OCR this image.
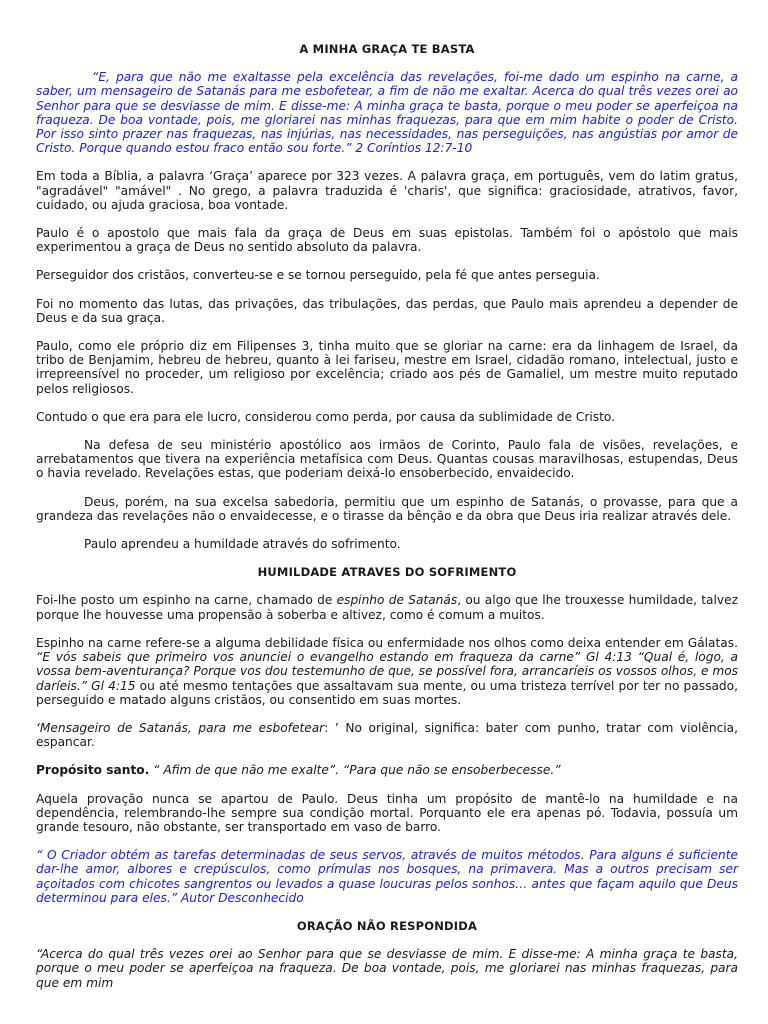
A MINHA GRAÇA TE BASTA

“E, para que não me exaltasse pela excelência das revelações, foi-me dado um espinho na carne, a saber, um mensageiro de Satanás para me esbofetear, a fim de não me exaltar. Acerca do qual três vezes orei ao Senhor para que se desviasse de mim. E disse-me: A minha graça te basta, porque o meu poder se aperfeiçoa na fraqueza. De boa vontade, pois, me gloriarei nas minhas fraquezas, para que em mim habite o poder de Cristo. Por isso sinto prazer nas fraquezas, nas injúrias, nas necessidades, nas perseguições, nas angústias por amor de Cristo. Porque quando estou fraco então sou forte.” 2 Coríntios 12:7-10

Em toda a Bíblia, a palavra ‘Graça’ aparece por 323 vezes. A palavra graça, em português, vem do latim gratus, "agradável" "amável" . No grego, a palavra traduzida é 'charis', que significa: graciosidade, atrativos, favor, cuidado, ou ajuda graciosa, boa vontade.

Paulo é o apostolo que mais fala da graça de Deus em suas epistolas. Também foi o apóstolo que mais experimentou a graça de Deus no sentido absoluto da palavra.

Perseguidor dos cristãos, converteu-se e se tornou perseguido, pela fé que antes perseguia.

Foi no momento das lutas, das privações, das tribulações, das perdas, que Paulo mais aprendeu a depender de Deus e da sua graça.

Paulo, como ele próprio diz em Filipenses 3, tinha muito que se gloriar na carne: era da linhagem de Israel, da tribo de Benjamim, hebreu de hebreu, quanto à lei fariseu, mestre em Israel, cidadão romano, intelectual, justo e irrepreensível no proceder, um religioso por excelência; criado aos pés de Gamaliel, um mestre muito reputado pelos religiosos.

Contudo o que era para ele lucro, considerou como perda, por causa da sublimidade de Cristo.

Na defesa de seu ministério apostólico aos irmãos de Corinto, Paulo fala de visões, revelações, e arrebatamentos que tivera na experiência metafísica com Deus. Quantas cousas maravilhosas, estupendas, Deus o havia revelado. Revelações estas, que poderiam deixá-lo ensoberbecido, envaidecido.

Deus, porém, na sua excelsa sabedoria, permitiu que um espinho de Satanás, o provasse, para que a grandeza das revelações não o envaidecesse, e o tirasse da bênção e da obra que Deus iria realizar através dele.

Paulo aprendeu a humildade através do sofrimento.

HUMILDADE ATRAVES DO SOFRIMENTO

Foi-lhe posto um espinho na carne, chamado de espinho de Satanás, ou algo que lhe trouxesse humildade, talvez porque lhe houvesse uma propensão à soberba e altivez, como é comum a muitos.

Espinho na carne refere-se a alguma debilidade física ou enfermidade nos olhos como deixa entender em Gálatas. “E vós sabeis que primeiro vos anunciei o evangelho estando em fraqueza da carne” Gl 4:13 “Qual é, logo, a vossa bem-aventurança? Porque vos dou testemunho de que, se possível fora, arrancaríeis os vossos olhos, e mos daríeis.” Gl 4:15 ou até mesmo tentações que assaltavam sua mente, ou uma tristeza terrível por ter no passado, perseguido e matado alguns cristãos, ou consentido em suas mortes.

‘Mensageiro de Satanás, para me esbofetear: ’ No original, significa: bater com punho, tratar com violência, espancar.

Propósito santo. “ Afim de que não me exalte”. “Para que não se ensoberbecesse.”

Aquela provação nunca se apartou de Paulo. Deus tinha um propósito de mantê-lo na humildade e na dependência, relembrando-lhe sempre sua condição mortal. Porquanto ele era apenas pó. Todavia, possuía um grande tesouro, não obstante, ser transportado em vaso de barro.

“ O Criador obtém as tarefas determinadas de seus servos, através de muitos métodos. Para alguns é suficiente dar-lhe amor, albores e crepúsculos, como prímulas nos bosques, na primavera. Mas a outros precisam ser açoitados com chicotes sangrentos ou levados a quase loucuras pelos sonhos… antes que façam aquilo que Deus determinou para eles.” Autor Desconhecido

ORAÇÃO NÃO RESPONDIDA

“Acerca do qual três vezes orei ao Senhor para que se desviasse de mim. E disse-me: A minha graça te basta, porque o meu poder se aperfeiçoa na fraqueza. De boa vontade, pois, me gloriarei nas minhas fraquezas, para que em mim
